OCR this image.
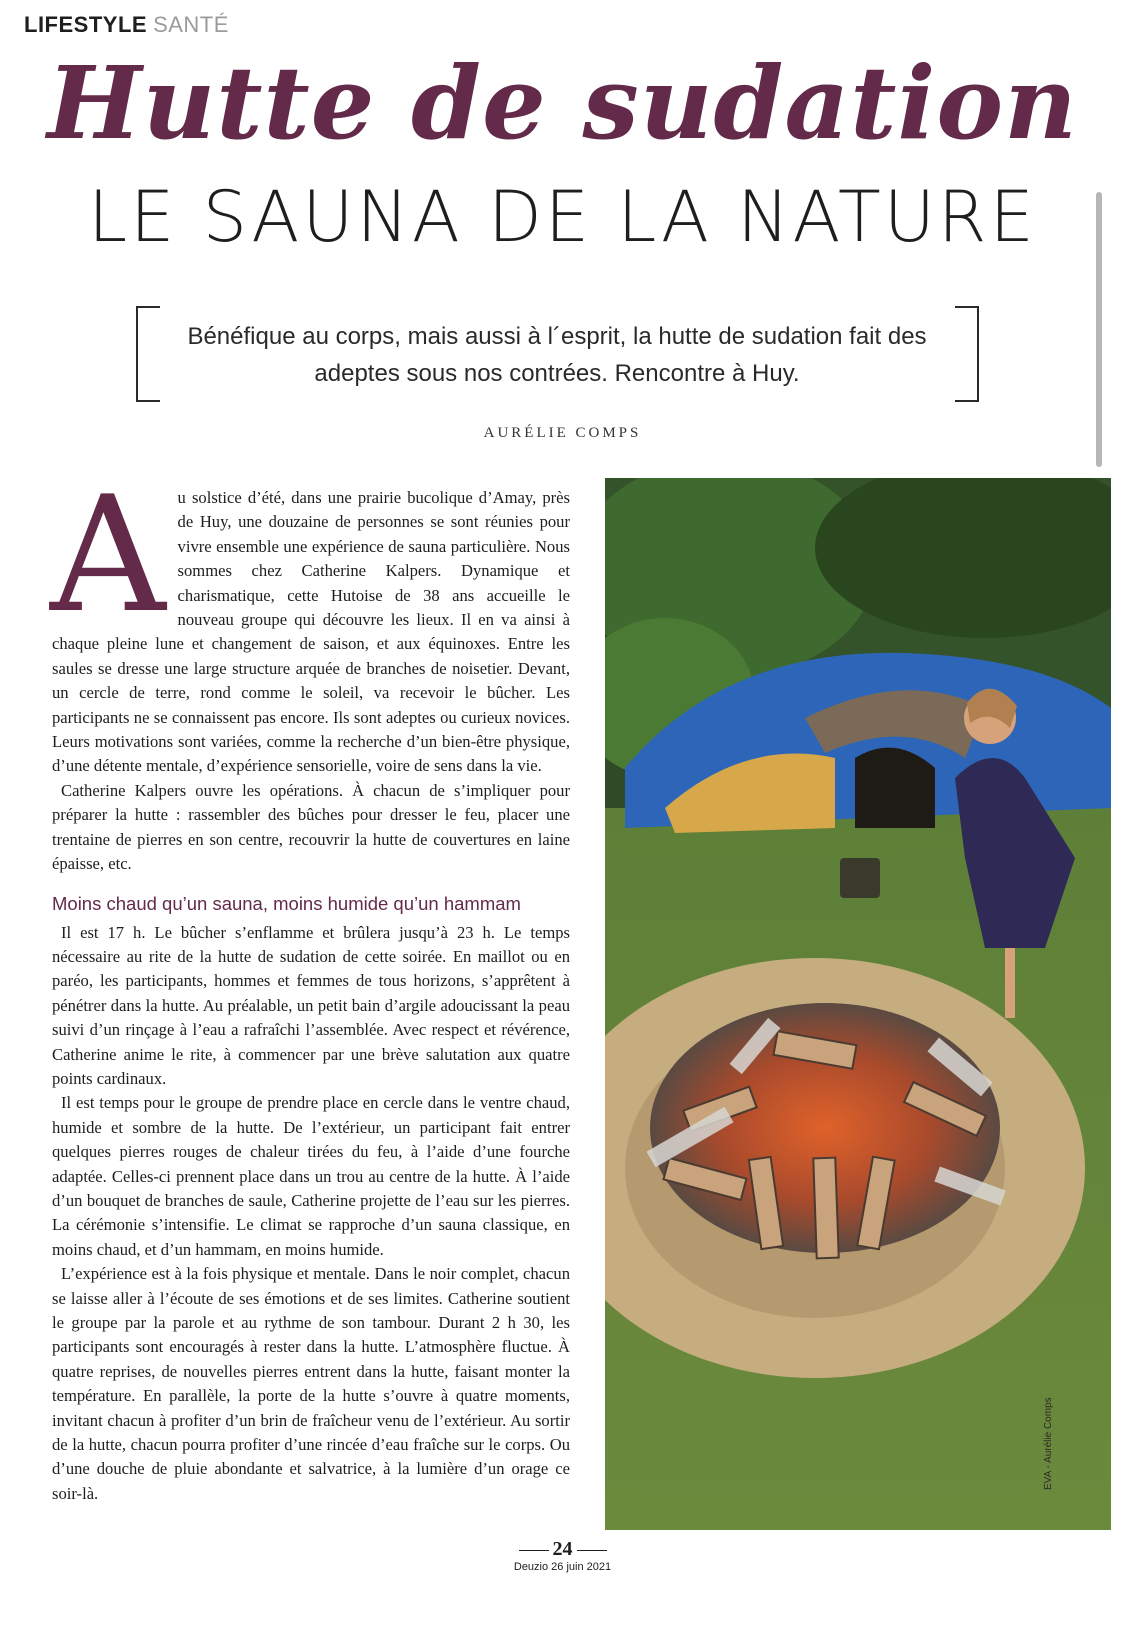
LIFESTYLE SANTÉ
Hutte de sudation
LE SAUNA DE LA NATURE
Bénéfique au corps, mais aussi à l´esprit, la hutte de sudation fait des adeptes sous nos contrées. Rencontre à Huy.
AURÉLIE COMPS
A u solstice d’été, dans une prairie bucolique d’Amay, près de Huy, une douzaine de personnes se sont réunies pour vivre ensemble une expérience de sauna particulière. Nous sommes chez Catherine Kalpers. Dynamique et charismatique, cette Hutoise de 38 ans accueille le nouveau groupe qui découvre les lieux. Il en va ainsi à chaque pleine lune et changement de saison, et aux équinoxes. Entre les saules se dresse une large structure arquée de branches de noisetier. Devant, un cercle de terre, rond comme le soleil, va recevoir le bûcher. Les participants ne se connaissent pas encore. Ils sont adeptes ou curieux novices. Leurs motivations sont variées, comme la recherche d’un bien-être physique, d’une détente mentale, d’expérience sensorielle, voire de sens dans la vie.

Catherine Kalpers ouvre les opérations. À chacun de s’impliquer pour préparer la hutte : rassembler des bûches pour dresser le feu, placer une trentaine de pierres en son centre, recouvrir la hutte de couvertures en laine épaisse, etc.

Moins chaud qu’un sauna, moins humide qu’un hammam

Il est 17 h. Le bûcher s’enflamme et brûlera jusqu’à 23 h. Le temps nécessaire au rite de la hutte de sudation de cette soirée. En maillot ou en paréo, les participants, hommes et femmes de tous horizons, s’apprêtent à pénétrer dans la hutte. Au préalable, un petit bain d’argile adoucissant la peau suivi d’un rinçage à l’eau a rafraîchi l’assemblée. Avec respect et révérence, Catherine anime le rite, à commencer par une brève salutation aux quatre points cardinaux.

Il est temps pour le groupe de prendre place en cercle dans le ventre chaud, humide et sombre de la hutte. De l’extérieur, un participant fait entrer quelques pierres rouges de chaleur tirées du feu, à l’aide d’une fourche adaptée. Celles-ci prennent place dans un trou au centre de la hutte. À l’aide d’un bouquet de branches de saule, Catherine projette de l’eau sur les pierres. La cérémonie s’intensifie. Le climat se rapproche d’un sauna classique, en moins chaud, et d’un hammam, en moins humide.

L’expérience est à la fois physique et mentale. Dans le noir complet, chacun se laisse aller à l’écoute de ses émotions et de ses limites. Catherine soutient le groupe par la parole et au rythme de son tambour. Durant 2 h 30, les participants sont encouragés à rester dans la hutte. L’atmosphère fluctue. À quatre reprises, de nouvelles pierres entrent dans la hutte, faisant monter la température. En parallèle, la porte de la hutte s’ouvre à quatre moments, invitant chacun à profiter d’un brin de fraîcheur venu de l’extérieur. Au sortir de la hutte, chacun pourra profiter d’une rincée d’eau fraîche sur le corps. Ou d’une douche de pluie abondante et salvatrice, à la lumière d’un orage ce soir-là.

EVA - Aurélie Comps
24
Deuzio 26 juin 2021
